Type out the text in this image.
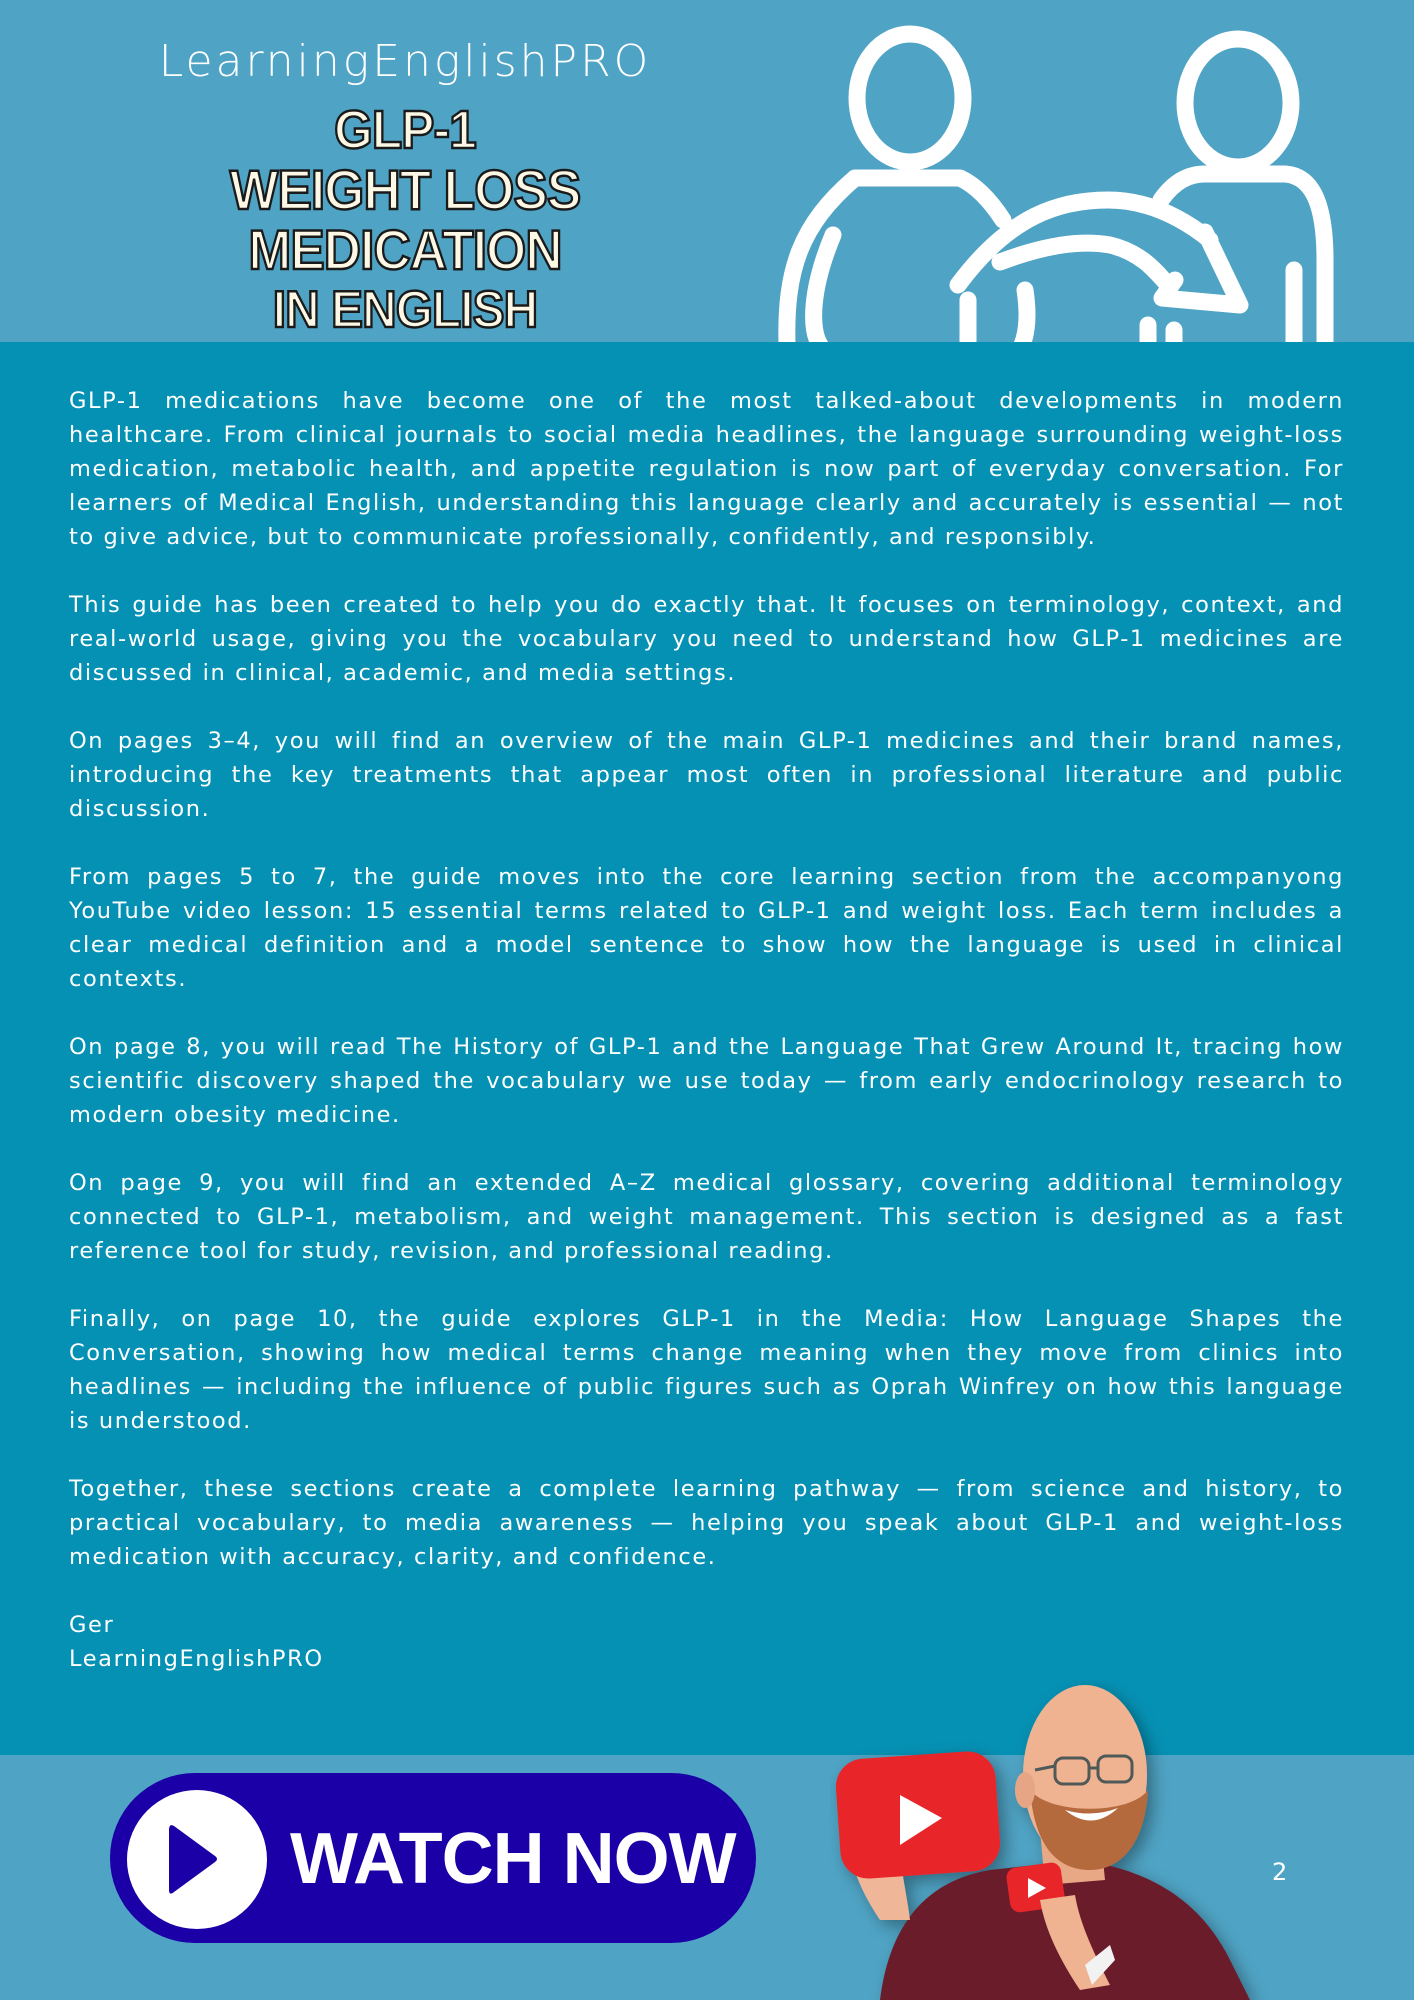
LearningEnglishPRO
GLP-1
WEIGHT LOSS
MEDICATION
IN ENGLISH

GLP-1 medications have become one of the most talked-about developments in modern healthcare. From clinical journals to social media headlines, the language surrounding weight-loss medication, metabolic health, and appetite regulation is now part of everyday conversation. For learners of Medical English, understanding this language clearly and accurately is essential — not to give advice, but to communicate professionally, confidently, and responsibly.

This guide has been created to help you do exactly that. It focuses on terminology, context, and real-world usage, giving you the vocabulary you need to understand how GLP-1 medicines are discussed in clinical, academic, and media settings.

On pages 3–4, you will find an overview of the main GLP-1 medicines and their brand names, introducing the key treatments that appear most often in professional literature and public discussion.

From pages 5 to 7, the guide moves into the core learning section from the accompanyong YouTube video lesson: 15 essential terms related to GLP-1 and weight loss. Each term includes a clear medical definition and a model sentence to show how the language is used in clinical contexts.

On page 8, you will read The History of GLP-1 and the Language That Grew Around It, tracing how scientific discovery shaped the vocabulary we use today — from early endocrinology research to modern obesity medicine.

On page 9, you will find an extended A–Z medical glossary, covering additional terminology connected to GLP-1, metabolism, and weight management. This section is designed as a fast reference tool for study, revision, and professional reading.

Finally, on page 10, the guide explores GLP-1 in the Media: How Language Shapes the Conversation, showing how medical terms change meaning when they move from clinics into headlines — including the influence of public figures such as Oprah Winfrey on how this language is understood.

Together, these sections create a complete learning pathway — from science and history, to practical vocabulary, to media awareness — helping you speak about GLP-1 and weight-loss medication with accuracy, clarity, and confidence.

Ger

LearningEnglishPRO

WATCH NOW	2
